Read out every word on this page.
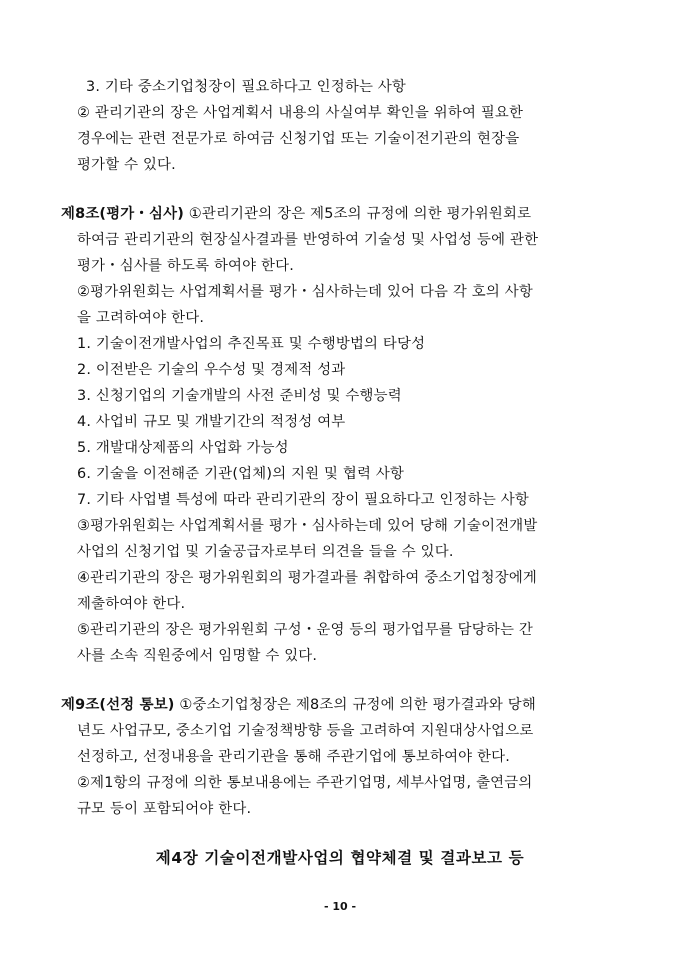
3. 기타 중소기업청장이 필요하다고 인정하는 사항
② 관리기관의 장은 사업계획서 내용의 사실여부 확인을 위하여 필요한
경우에는 관련 전문가로 하여금 신청기업 또는 기술이전기관의 현장을
평가할 수 있다.
제8조(평가・심사) ①관리기관의 장은 제5조의 규정에 의한 평가위원회로
하여금 관리기관의 현장실사결과를 반영하여 기술성 및 사업성 등에 관한
평가・심사를 하도록 하여야 한다.
②평가위원회는 사업계획서를 평가・심사하는데 있어 다음 각 호의 사항
을 고려하여야 한다.
1. 기술이전개발사업의 추진목표 및 수행방법의 타당성
2. 이전받은 기술의 우수성 및 경제적 성과
3. 신청기업의 기술개발의 사전 준비성 및 수행능력
4. 사업비 규모 및 개발기간의 적정성 여부
5. 개발대상제품의 사업화 가능성
6. 기술을 이전해준 기관(업체)의 지원 및 협력 사항
7. 기타 사업별 특성에 따라 관리기관의 장이 필요하다고 인정하는 사항
③평가위원회는 사업계획서를 평가・심사하는데 있어 당해 기술이전개발
사업의 신청기업 및 기술공급자로부터 의견을 들을 수 있다.
④관리기관의 장은 평가위원회의 평가결과를 취합하여 중소기업청장에게
제출하여야 한다.
⑤관리기관의 장은 평가위원회 구성・운영 등의 평가업무를 담당하는 간
사를 소속 직원중에서 임명할 수 있다.
제9조(선정 통보) ①중소기업청장은 제8조의 규정에 의한 평가결과와 당해
년도 사업규모, 중소기업 기술정책방향 등을 고려하여 지원대상사업으로
선정하고, 선정내용을 관리기관을 통해 주관기업에 통보하여야 한다.
②제1항의 규정에 의한 통보내용에는 주관기업명, 세부사업명, 출연금의
규모 등이 포함되어야 한다.
제4장 기술이전개발사업의 협약체결 및 결과보고 등
- 10 -
